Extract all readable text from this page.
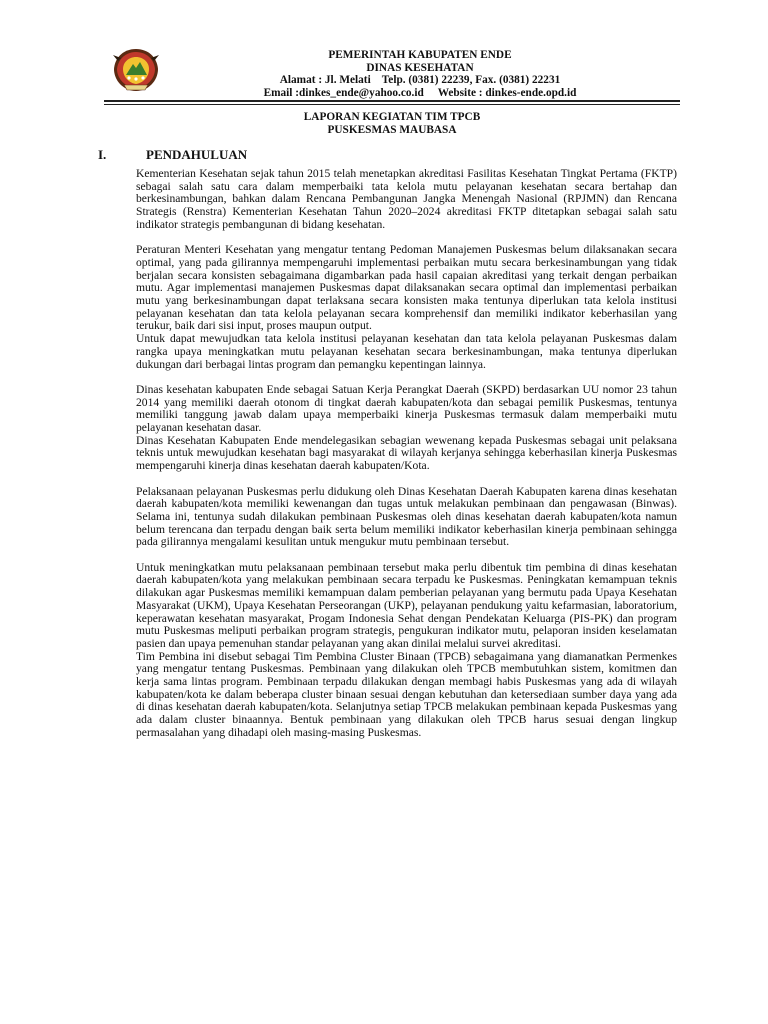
PEMERINTAH KABUPATEN ENDE
DINAS KESEHATAN
Alamat : Jl. Melati    Telp. (0381) 22239, Fax. (0381) 22231
Email :dinkes_ende@yahoo.co.id     Website : dinkes-ende.opd.id
LAPORAN KEGIATAN TIM TPCB
PUSKESMAS MAUBASA
I.	PENDAHULUAN

Kementerian Kesehatan sejak tahun 2015 telah menetapkan akreditasi Fasilitas Kesehatan Tingkat Pertama (FKTP) sebagai salah satu cara dalam memperbaiki tata kelola mutu pelayanan kesehatan secara bertahap dan berkesinambungan, bahkan dalam Rencana Pembangunan Jangka Menengah Nasional (RPJMN) dan Rencana Strategis (Renstra) Kementerian Kesehatan Tahun 2020–2024 akreditasi FKTP ditetapkan sebagai salah satu indikator strategis pembangunan di bidang kesehatan.

Peraturan Menteri Kesehatan yang mengatur tentang Pedoman Manajemen Puskesmas belum dilaksanakan secara optimal, yang pada gilirannya mempengaruhi implementasi perbaikan mutu secara berkesinambungan yang tidak berjalan secara konsisten sebagaimana digambarkan pada hasil capaian akreditasi yang terkait dengan perbaikan mutu. Agar implementasi manajemen Puskesmas dapat dilaksanakan secara optimal dan implementasi perbaikan mutu yang berkesinambungan dapat terlaksana secara konsisten maka tentunya diperlukan tata kelola institusi pelayanan kesehatan dan tata kelola pelayanan secara komprehensif dan memiliki indikator keberhasilan yang terukur, baik dari sisi input, proses maupun output.

Untuk dapat mewujudkan tata kelola institusi pelayanan kesehatan dan tata kelola pelayanan Puskesmas dalam rangka upaya meningkatkan mutu pelayanan kesehatan secara berkesinambungan, maka tentunya diperlukan dukungan dari berbagai lintas program dan pemangku kepentingan lainnya.

Dinas kesehatan kabupaten Ende sebagai Satuan Kerja Perangkat Daerah (SKPD) berdasarkan UU nomor 23 tahun 2014 yang memiliki daerah otonom di tingkat daerah kabupaten/kota dan sebagai pemilik Puskesmas, tentunya memiliki tanggung jawab dalam upaya memperbaiki kinerja Puskesmas termasuk dalam memperbaiki mutu pelayanan kesehatan dasar.

Dinas Kesehatan Kabupaten Ende mendelegasikan sebagian wewenang kepada Puskesmas sebagai unit pelaksana teknis untuk mewujudkan kesehatan bagi masyarakat di wilayah kerjanya sehingga keberhasilan kinerja Puskesmas mempengaruhi kinerja dinas kesehatan daerah kabupaten/Kota.

Pelaksanaan pelayanan Puskesmas perlu didukung oleh Dinas Kesehatan Daerah Kabupaten karena dinas kesehatan daerah kabupaten/kota memiliki kewenangan dan tugas untuk melakukan pembinaan dan pengawasan (Binwas). Selama ini, tentunya sudah dilakukan pembinaan Puskesmas oleh dinas kesehatan daerah kabupaten/kota namun belum terencana dan terpadu dengan baik serta belum memiliki indikator keberhasilan kinerja pembinaan sehingga pada gilirannya mengalami kesulitan untuk mengukur mutu pembinaan tersebut.

Untuk meningkatkan mutu pelaksanaan pembinaan tersebut maka perlu dibentuk tim pembina di dinas kesehatan daerah kabupaten/kota yang melakukan pembinaan secara terpadu ke Puskesmas. Peningkatan kemampuan teknis dilakukan agar Puskesmas memiliki kemampuan dalam pemberian pelayanan yang bermutu pada Upaya Kesehatan Masyarakat (UKM), Upaya Kesehatan Perseorangan (UKP), pelayanan pendukung yaitu kefarmasian, laboratorium, keperawatan kesehatan masyarakat, Progam Indonesia Sehat dengan Pendekatan Keluarga (PIS-PK) dan program mutu Puskesmas meliputi perbaikan program strategis, pengukuran indikator mutu, pelaporan insiden keselamatan pasien dan upaya pemenuhan standar pelayanan yang akan dinilai melalui survei akreditasi.

Tim Pembina ini disebut sebagai Tim Pembina Cluster Binaan (TPCB) sebagaimana yang diamanatkan Permenkes yang mengatur tentang Puskesmas. Pembinaan yang dilakukan oleh TPCB membutuhkan sistem, komitmen dan kerja sama lintas program. Pembinaan terpadu dilakukan dengan membagi habis Puskesmas yang ada di wilayah kabupaten/kota ke dalam beberapa cluster binaan sesuai dengan kebutuhan dan ketersediaan sumber daya yang ada di dinas kesehatan daerah kabupaten/kota. Selanjutnya setiap TPCB melakukan pembinaan kepada Puskesmas yang ada dalam cluster binaannya. Bentuk pembinaan yang dilakukan oleh TPCB harus sesuai dengan lingkup permasalahan yang dihadapi oleh masing-masing Puskesmas.
